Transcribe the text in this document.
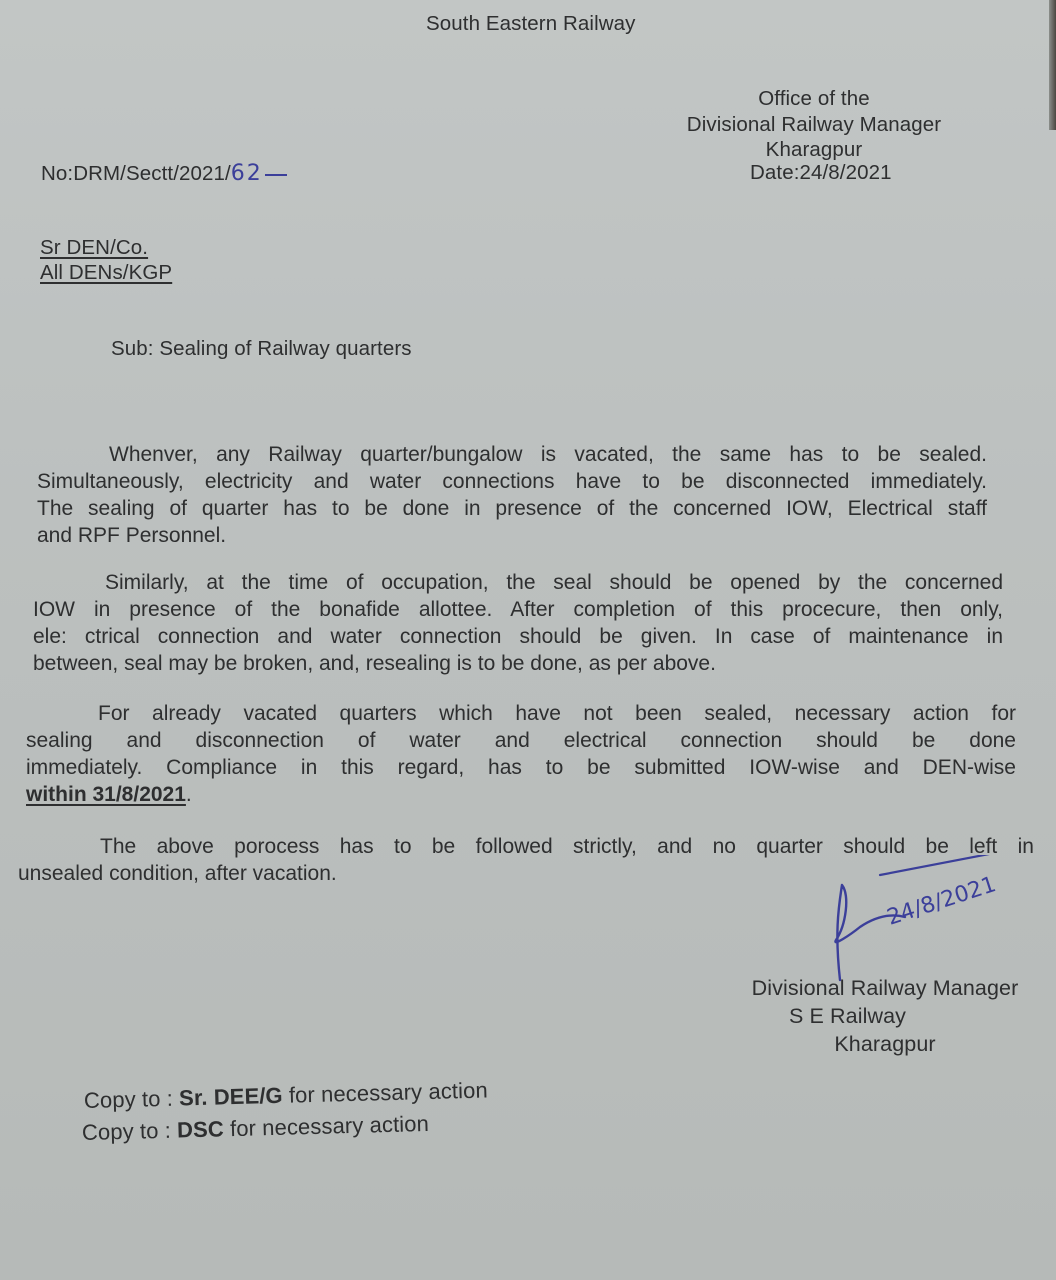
South Eastern Railway
Office of the
Divisional Railway Manager
Kharagpur
Date:24/8/2021
No:DRM/Sectt/2021/62
Sr DEN/Co.
All DENs/KGP
Sub: Sealing of Railway quarters
Whenver, any Railway quarter/bungalow is vacated, the same has to be sealed.
Simultaneously, electricity and water connections have to be disconnected immediately.
The sealing of quarter has to be done in presence of the concerned IOW, Electrical staff
and RPF Personnel.
Similarly, at the time of occupation, the seal should be opened by the concerned
IOW in presence of the bonafide allottee. After completion of this procecure, then only,
ele: ctrical connection and water connection should be given. In case of maintenance in
between, seal may be broken, and, resealing is to be done, as per above.
For already vacated quarters which have not been sealed, necessary action for
sealing and disconnection of water and electrical connection should be done
immediately. Compliance in this regard, has to be submitted IOW-wise and DEN-wise
within 31/8/2021.
The above porocess has to be followed strictly, and no quarter should be left in
unsealed condition, after vacation.	24/8/2021
Divisional Railway Manager
S E Railway
Kharagpur
Copy to : Sr. DEE/G for necessary action
Copy to : DSC for necessary action
